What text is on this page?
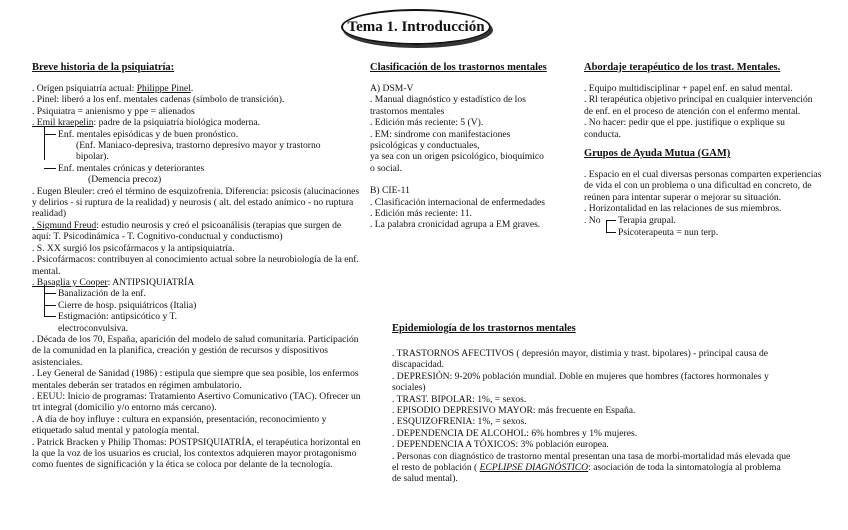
Tema 1. Introducción

Breve historia de la psiquiatría:

. Origen psiquiatría actual: Philippe Pinel.

. Pinel: liberó a los enf. mentales cadenas (símbolo de transición).

. Psiquiatra = anienismo y ppe = alienados

. Emil kraepelin: padre de la psiquiatría biológica moderna.

Enf. mentales episódicas y de buen pronóstico.

(Enf. Maniaco-depresiva, trastorno depresivo mayor y trastorno bipolar).

Enf. mentales crónicas y deteriorantes

(Demencia precoz)

. Eugen Bleuler: creó el término de esquizofrenia. Diferencia: psicosis (alucinaciones y delirios - si ruptura de la realidad) y neurosis ( alt. del estado anímico - no ruptura realidad)

. Sigmund Freud: estudio neurosis y creó el psicoanálisis (terapias que surgen de aquí: T. Psicodinámica - T. Cognitivo-conductual y conductismo)

. S. XX surgió los psicofármacos y la antipsiquiatría.

. Psicofármacos: contribuyen al conocimiento actual sobre la neurobiología de la enf. mental.

. Basaglia y Cooper: ANTIPSIQUIATRÍA

Banalización de la enf.

Cierre de hosp. psiquiátricos (Italia)

Estigmación: antipsicótico y T. electroconvulsiva.

. Década de los 70, España, aparición del modelo de salud comunitaria. Participación de la comunidad en la planifica, creación y gestión de recursos y dispositivos asistenciales.

. Ley General de Sanidad (1986) : estipula que siempre que sea posible, los enfermos mentales deberán ser tratados en régimen ambulatorio.

. EEUU: Inicio de programas: Tratamiento Asertivo Comunicativo (TAC). Ofrecer un trt integral (domicilio y/o entorno más cercano).

. A día de hoy influye : cultura en expansión, presentación, reconocimiento y etiquetado salud mental y patología mental.

. Patrick Bracken y Philip Thomas: POSTPSIQUIATRÍA, el terapéutica horizontal en la que la voz de los usuarios es crucial, los contextos adquieren mayor protagonismo como fuentes de significación y la ética se coloca por delante de la tecnología.

Clasificación de los trastornos mentales

A) DSM-V

. Manual diagnóstico y estadístico de los trastornos mentales

. Edición más reciente: 5 (V).

. EM: síndrome con manifestaciones psicológicas y conductuales,

ya sea con un origen psicológico, bioquímico o social.

B) CIE-11

. Clasificación internacional de enfermedades

. Edición más reciente: 11.

. La palabra cronicidad agrupa a EM graves.

Abordaje terapéutico de los trast. Mentales.

. Equipo multidisciplinar + papel enf. en salud mental.

. Rl terapéutica objetivo principal en cualquier intervención de enf. en el proceso de atención con el enfermo mental.

. No hacer: pedir que el ppe. justifique o explique su conducta.

Grupos de Ayuda Mutua (GAM)

. Espacio en el cual diversas personas comparten experiencias de vida el con un problema o una dificultad en concreto, de reúnen para intentar superar o mejorar su situación.

. Horizontalidad en las relaciones de sus miembros.

. No Terapia grupal.
Psicoterapeuta = nun terp.

Epidemiología de los trastornos mentales

. TRASTORNOS AFECTIVOS ( depresión mayor, distimia y trast. bipolares) - principal causa de discapacidad.

. DEPRESIÓN: 9-20% población mundial. Doble en mujeres que hombres (factores hormonales y sociales)

. TRAST. BIPOLAR: 1%, = sexos.

. EPISODIO DEPRESIVO MAYOR: más frecuente en España.

. ESQUIZOFRENIA: 1%, = sexos.

. DEPENDENCIA DE ALCOHOL: 6% hombres y 1% mujeres.

. DEPENDENCIA A TÓXICOS: 3% población europea.

. Personas con diagnóstico de trastorno mental presentan una tasa de morbi-mortalidad más elevada que el resto de población ( ECPLIPSE DIAGNÓSTICO: asociación de toda la sintomatología al problema de salud mental).
